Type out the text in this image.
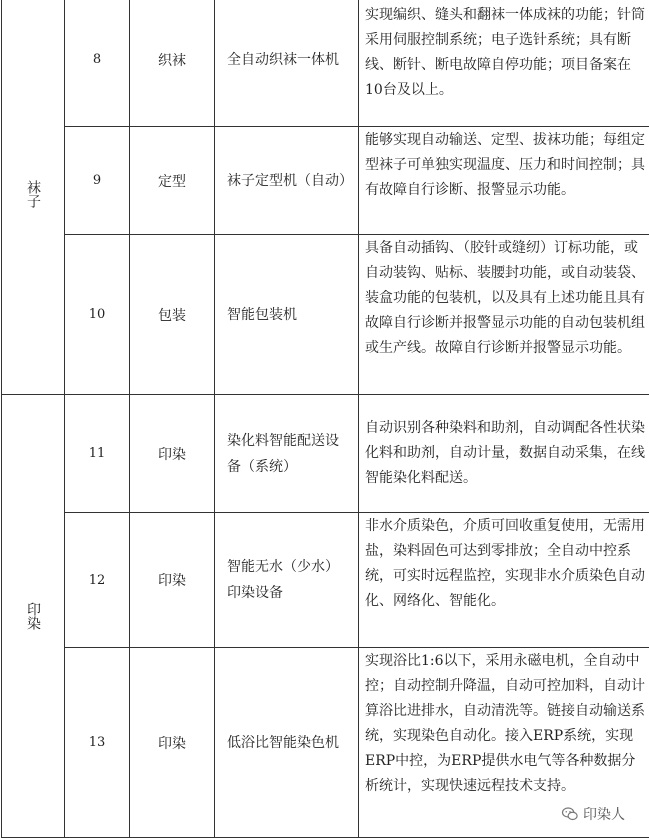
袜子	8	织袜	全自动织袜一体机	实现编织、缝头和翻袜一体成袜的功能；针筒采用伺服控制系统；电子选针系统；具有断线、断针、断电故障自停功能；项目备案在10台及以上。
	9	定型	袜子定型机（自动）	能够实现自动输送、定型、拔袜功能；每组定型袜子可单独实现温度、压力和时间控制；具有故障自行诊断、报警显示功能。
	10	包装	智能包装机	具备自动插钩、（胶针或缝纫）订标功能，或自动装钩、贴标、装腰封功能，或自动装袋、装盒功能的包装机，以及具有上述功能且具有故障自行诊断并报警显示功能的自动包装机组或生产线。故障自行诊断并报警显示功能。

印染	11	印染	染化料智能配送设备（系统）	自动识别各种染料和助剂，自动调配各性状染化料和助剂，自动计量，数据自动采集，在线智能染化料配送。
	12	印染	智能无水（少水）印染设备	非水介质染色，介质可回收重复使用，无需用盐，染料固色可达到零排放；全自动中控系统，可实时远程监控，实现非水介质染色自动化、网络化、智能化。
	13	印染	低浴比智能染色机	实现浴比1:6以下，采用永磁电机，全自动中控；自动控制升降温，自动可控加料，自动计算浴比进排水，自动清洗等。链接自动输送系统，实现染色自动化。接入ERP系统，实现ERP中控，为ERP提供水电气等各种数据分析统计，实现快速远程技术支持。
印染人
